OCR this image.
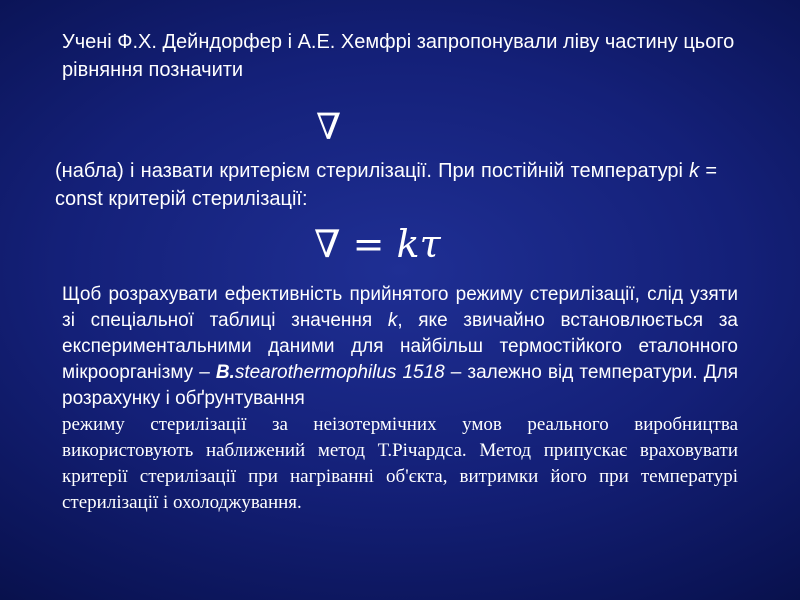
Учені Ф.Х. Дейндорфер і А.Е. Хемфрі запропонували ліву частину цього рівняння позначити
∇
(набла) і назвати критерієм стерилізації. При постійній температурі k = const критерій стерилізації:
∇ = kτ
Щоб розрахувати ефективність прийнятого режиму стерилізації, слід узяти зі спеціальної таблиці значення k, яке звичайно встановлюється за експериментальними даними для найбільш термостійкого еталонного мікроорганізму – B.stearothermophilus 1518 – залежно від температури. Для розрахунку і обґрунтування
режиму стерилізації за неізотермічних умов реального виробництва використовують наближений метод Т.Річардса. Метод припускає враховувати критерії стерилізації при нагріванні об'єкта, витримки його при температурі стерилізації і охолоджування.
